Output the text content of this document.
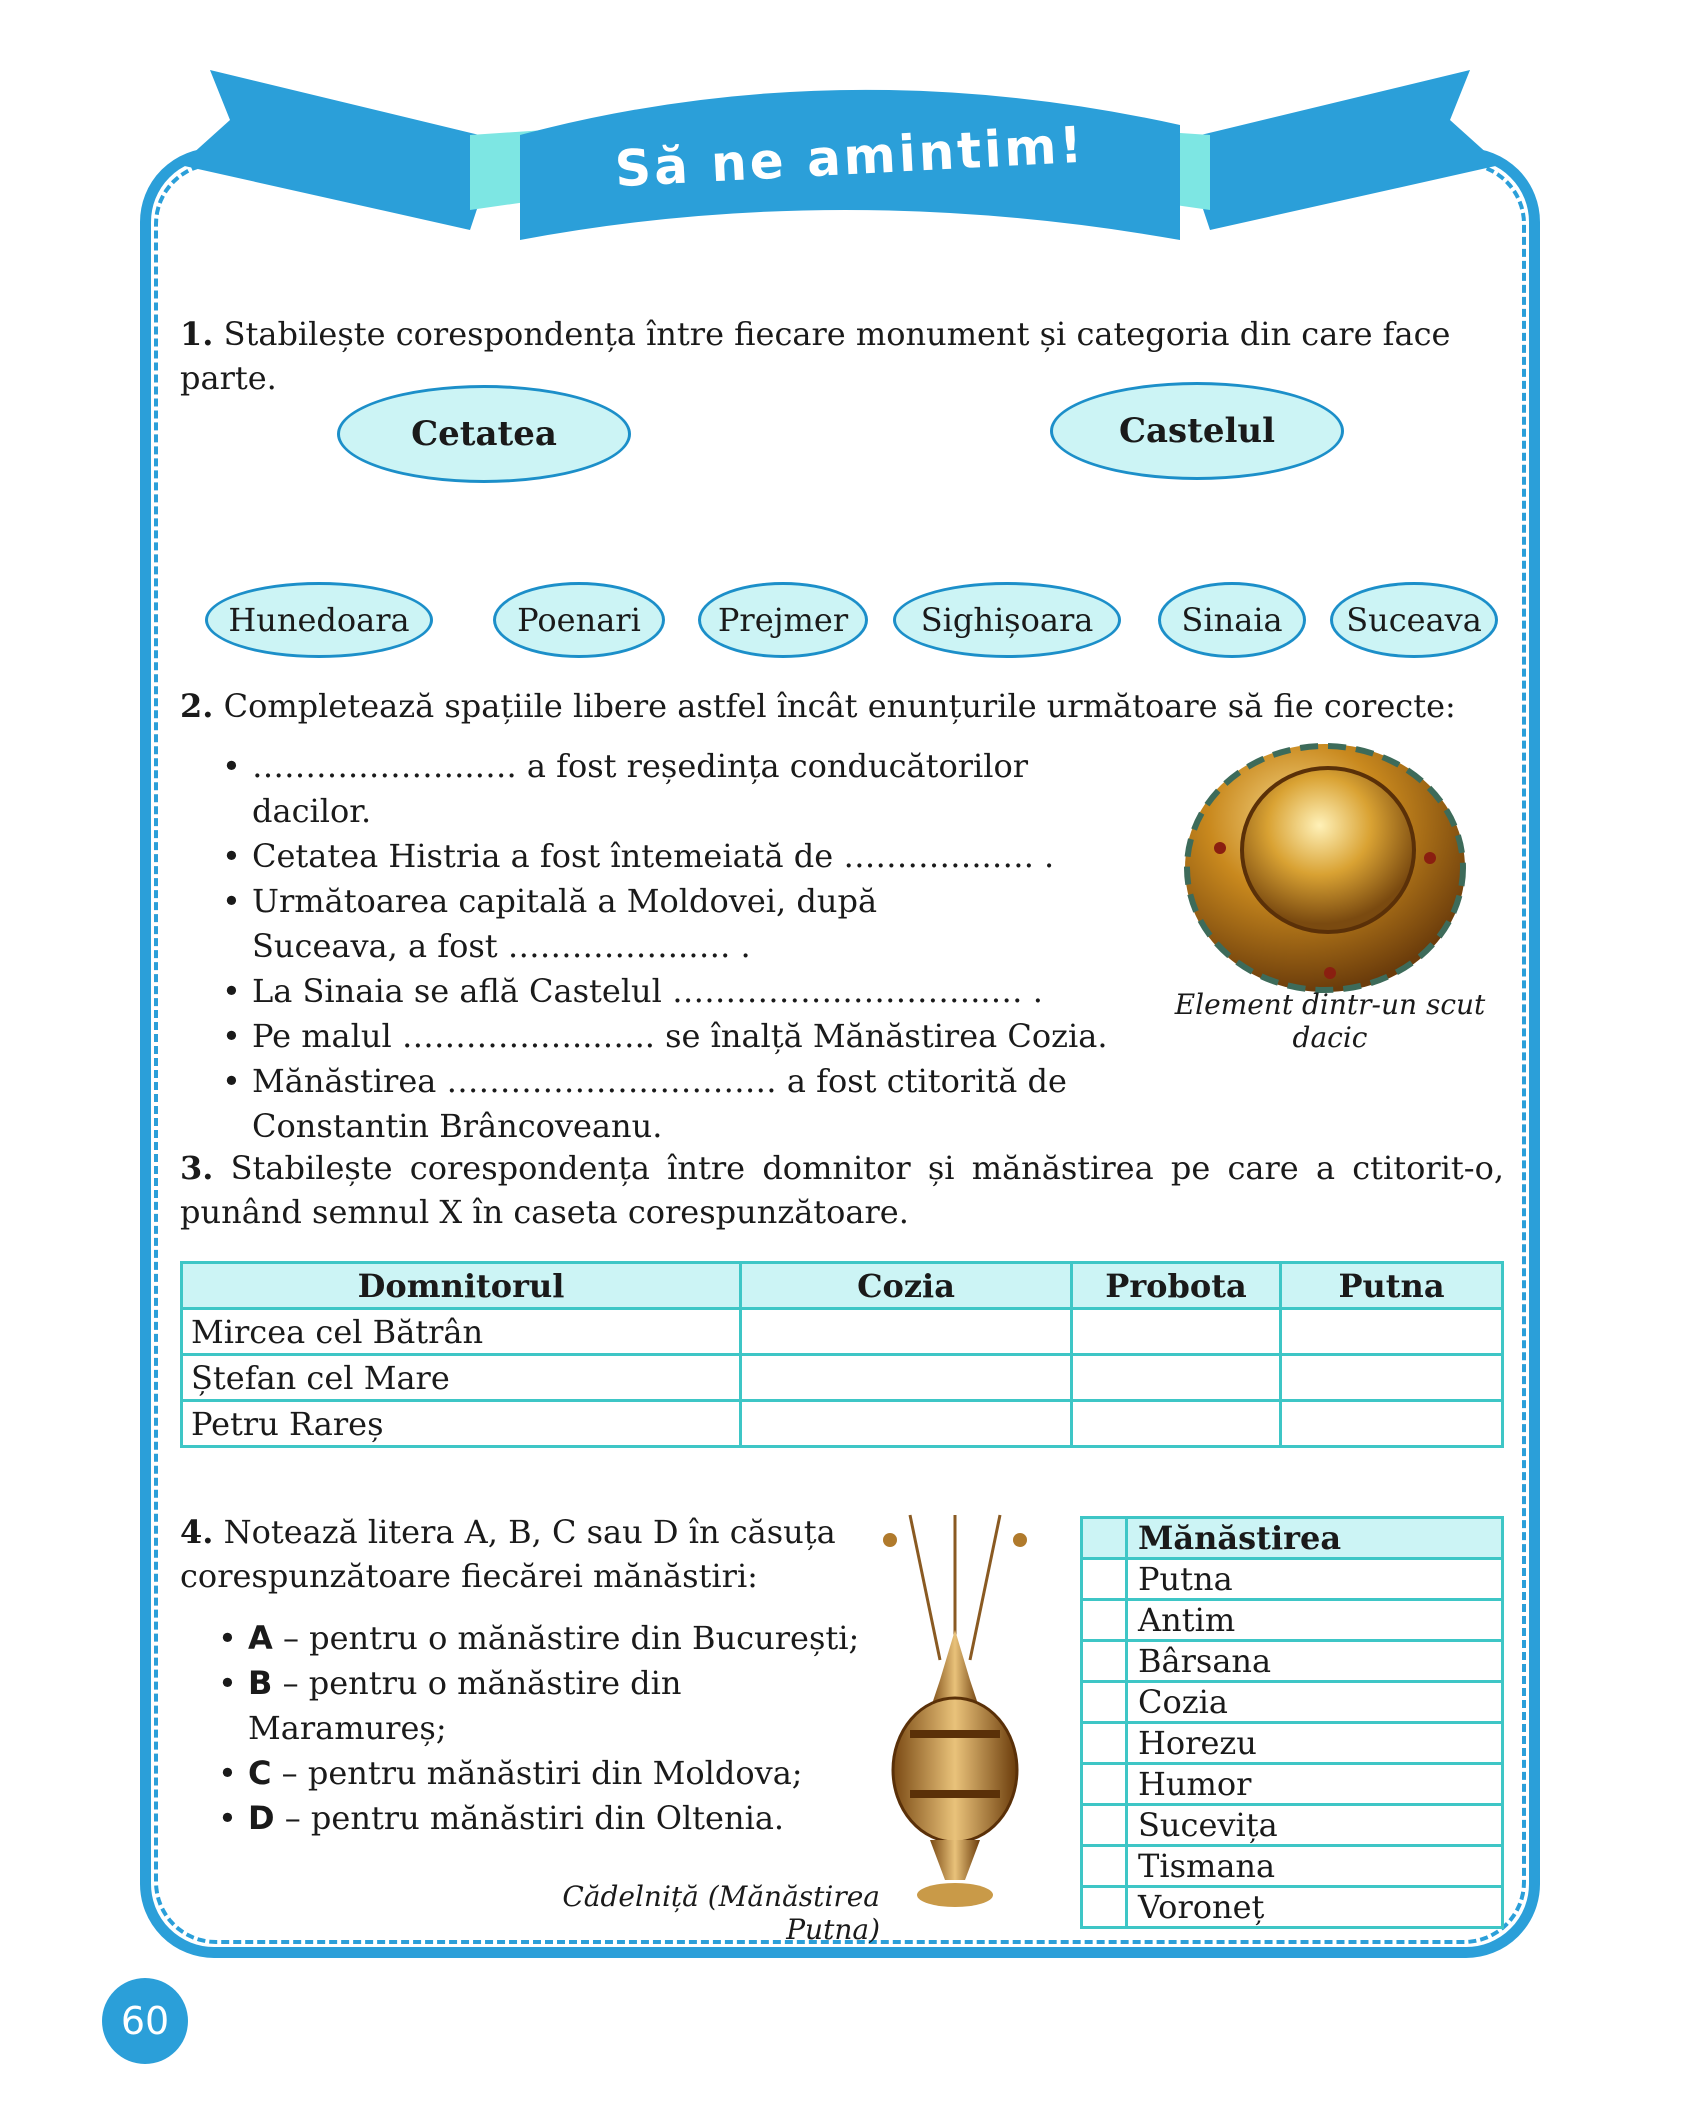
Să ne amintim!
1. Stabilește corespondența între fiecare monument și categoria din care face parte.
Cetatea	Castelul
Hunedoara	Poenari Prejmer Sighișoara	Sinaia Suceava
2. Completează spațiile libere astfel încât enunțurile următoare să fie corecte:
• ……….………..…. a fost reședința conducătorilor dacilor.
• Cetatea Histria a fost întemeiată de …………..…. .
• Următoarea capitală a Moldovei, după Suceava, a fost ……………..…. .
• La Sinaia se află Castelul …………….…………..… .
• Pe malul ………….…...….. se înalță Mănăstirea Cozia.
• Mănăstirea ……………….………… a fost ctitorită de Constantin Brâncoveanu.
Element dintr-un scut dacic
3. Stabilește corespondența între domnitor și mănăstirea pe care a ctitorit-o, punând semnul X în caseta corespunzătoare.
Domnitorul	Cozia	Probota	Putna
Mircea cel Bătrân			
Ștefan cel Mare			
Petru Rareș			
4. Notează litera A, B, C sau D în căsuța corespunzătoare fiecărei mănăstiri:
• A – pentru o mănăstire din București;
• B – pentru o mănăstire din Maramureș;
• C – pentru mănăstiri din Moldova;
• D – pentru mănăstiri din Oltenia.
Cădelniță (Mănăstirea Putna)
	Mănăstirea
	Putna
	Antim
	Bârsana
	Cozia
	Horezu
	Humor
	Sucevița
	Tismana
	Voroneț
60
